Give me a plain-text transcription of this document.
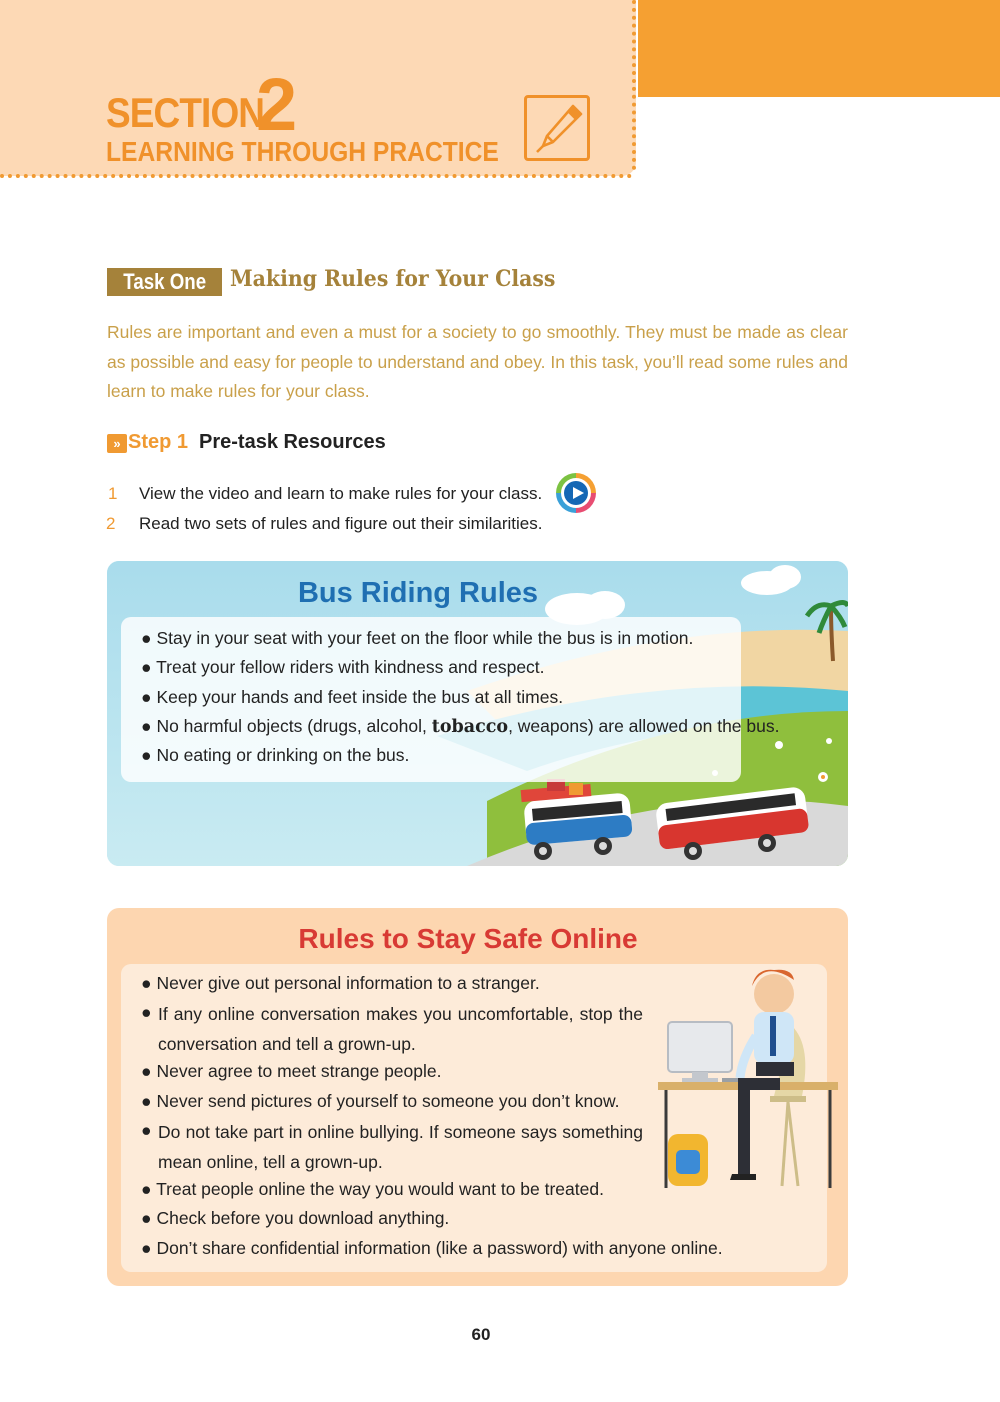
SECTION
2
LEARNING THROUGH PRACTICE
Task One	Making Rules for Your Class
Rules are important and even a must for a society to go smoothly. They must be made as clear as possible and easy for people to understand and obey. In this task, you’ll read some rules and learn to make rules for your class.
» Step 1 Pre-task Resources
1 View the video and learn to make rules for your class.
2 Read two sets of rules and figure out their similarities.
Bus Riding Rules
● Stay in your seat with your feet on the floor while the bus is in motion.
● Treat your fellow riders with kindness and respect.
● Keep your hands and feet inside the bus at all times.
● No harmful objects (drugs, alcohol, tobacco, weapons) are allowed on the bus.
● No eating or drinking on the bus.
Rules to Stay Safe Online
● Never give out personal information to a stranger.
● If any online conversation makes you uncomfortable, stop the conversation and tell a grown-up.
● Never agree to meet strange people.
● Never send pictures of yourself to someone you don’t know.
● Do not take part in online bullying. If someone says something mean online, tell a grown-up.
● Treat people online the way you would want to be treated.
● Check before you download anything.
● Don’t share confidential information (like a password) with anyone online.
60
